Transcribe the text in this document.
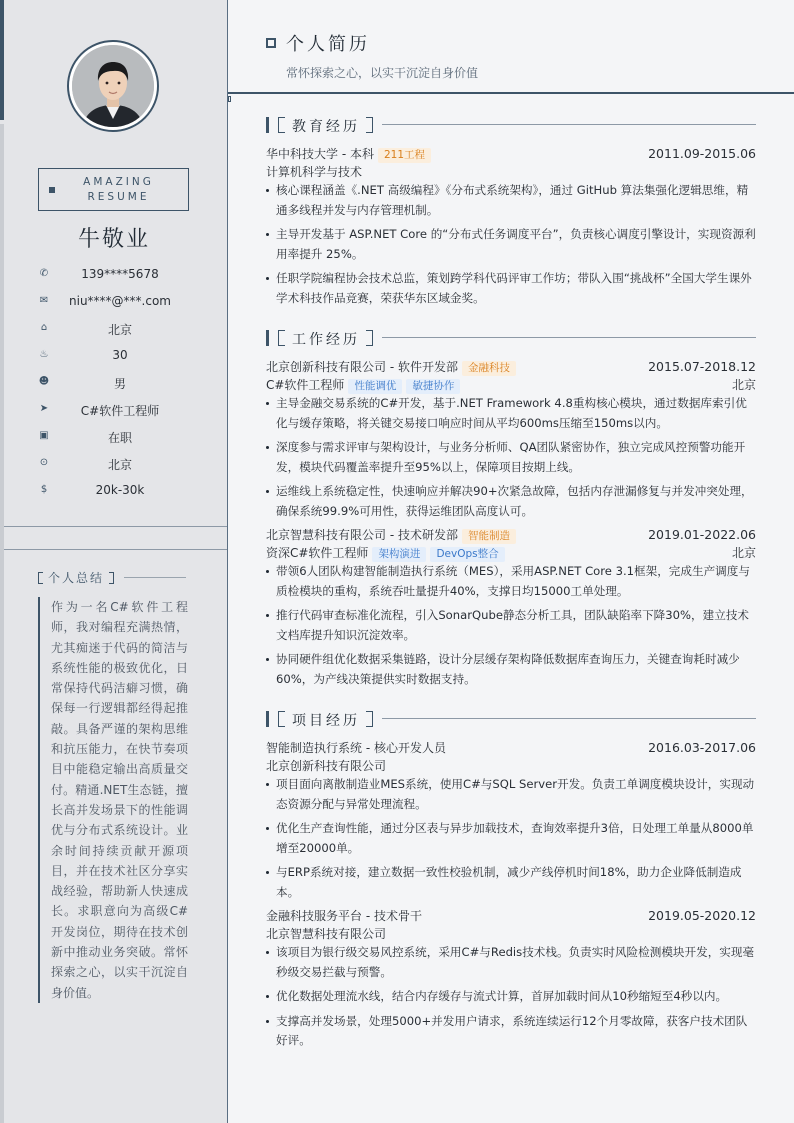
AMAZING RESUME
牛敬业
✆	139****5678
✉	niu****@***.com
⌂	北京
♨	30
☻	男
➤	C#软件工程师
▣	在职
⊙	北京
$	20k-30k
个人总结
作为一名C#软件工程师，我对编程充满热情，尤其痴迷于代码的简洁与系统性能的极致优化，日常保持代码洁癖习惯，确保每一行逻辑都经得起推敲。具备严谨的架构思维和抗压能力，在快节奏项目中能稳定输出高质量交付。精通.NET生态链，擅长高并发场景下的性能调优与分布式系统设计。业余时间持续贡献开源项目，并在技术社区分享实战经验，帮助新人快速成长。求职意向为高级C#开发岗位，期待在技术创新中推动业务突破。常怀探索之心，以实干沉淀自身价值。
个人简历
常怀探索之心，以实干沉淀自身价值
教育经历
华中科技大学 - 本科 211工程	2011.09-2015.06
计算机科学与技术
核心课程涵盖《.NET 高级编程》《分布式系统架构》，通过 GitHub 算法集强化逻辑思维，精通多线程并发与内存管理机制。
主导开发基于 ASP.NET Core 的“分布式任务调度平台”，负责核心调度引擎设计，实现资源利用率提升 25%。
任职学院编程协会技术总监，策划跨学科代码评审工作坊；带队入围“挑战杯”全国大学生课外学术科技作品竞赛，荣获华东区域金奖。
工作经历
北京创新科技有限公司 - 软件开发部 金融科技	2015.07-2018.12
C#软件工程师 性能调优 敏捷协作	北京
主导金融交易系统的C#开发，基于.NET Framework 4.8重构核心模块，通过数据库索引优化与缓存策略，将关键交易接口响应时间从平均600ms压缩至150ms以内。
深度参与需求评审与架构设计，与业务分析师、QA团队紧密协作，独立完成风控预警功能开发，模块代码覆盖率提升至95%以上，保障项目按期上线。
运维线上系统稳定性，快速响应并解决90+次紧急故障，包括内存泄漏修复与并发冲突处理，确保系统99.9%可用性，获得运维团队高度认可。
北京智慧科技有限公司 - 技术研发部 智能制造	2019.01-2022.06
资深C#软件工程师 架构演进 DevOps整合	北京
带领6人团队构建智能制造执行系统（MES），采用ASP.NET Core 3.1框架，完成生产调度与质检模块的重构，系统吞吐量提升40%，支撑日均15000工单处理。
推行代码审查标准化流程，引入SonarQube静态分析工具，团队缺陷率下降30%，建立技术文档库提升知识沉淀效率。
协同硬件组优化数据采集链路，设计分层缓存架构降低数据库查询压力，关键查询耗时减少60%，为产线决策提供实时数据支持。
项目经历
智能制造执行系统 - 核心开发人员	2016.03-2017.06
北京创新科技有限公司
项目面向离散制造业MES系统，使用C#与SQL Server开发。负责工单调度模块设计，实现动态资源分配与异常处理流程。
优化生产查询性能，通过分区表与异步加载技术，查询效率提升3倍，日处理工单量从8000单增至20000单。
与ERP系统对接，建立数据一致性校验机制，减少产线停机时间18%，助力企业降低制造成本。
金融科技服务平台 - 技术骨干	2019.05-2020.12
北京智慧科技有限公司
该项目为银行级交易风控系统，采用C#与Redis技术栈。负责实时风险检测模块开发，实现毫秒级交易拦截与预警。
优化数据处理流水线，结合内存缓存与流式计算，首屏加载时间从10秒缩短至4秒以内。
支撑高并发场景，处理5000+并发用户请求，系统连续运行12个月零故障，获客户技术团队好评。
